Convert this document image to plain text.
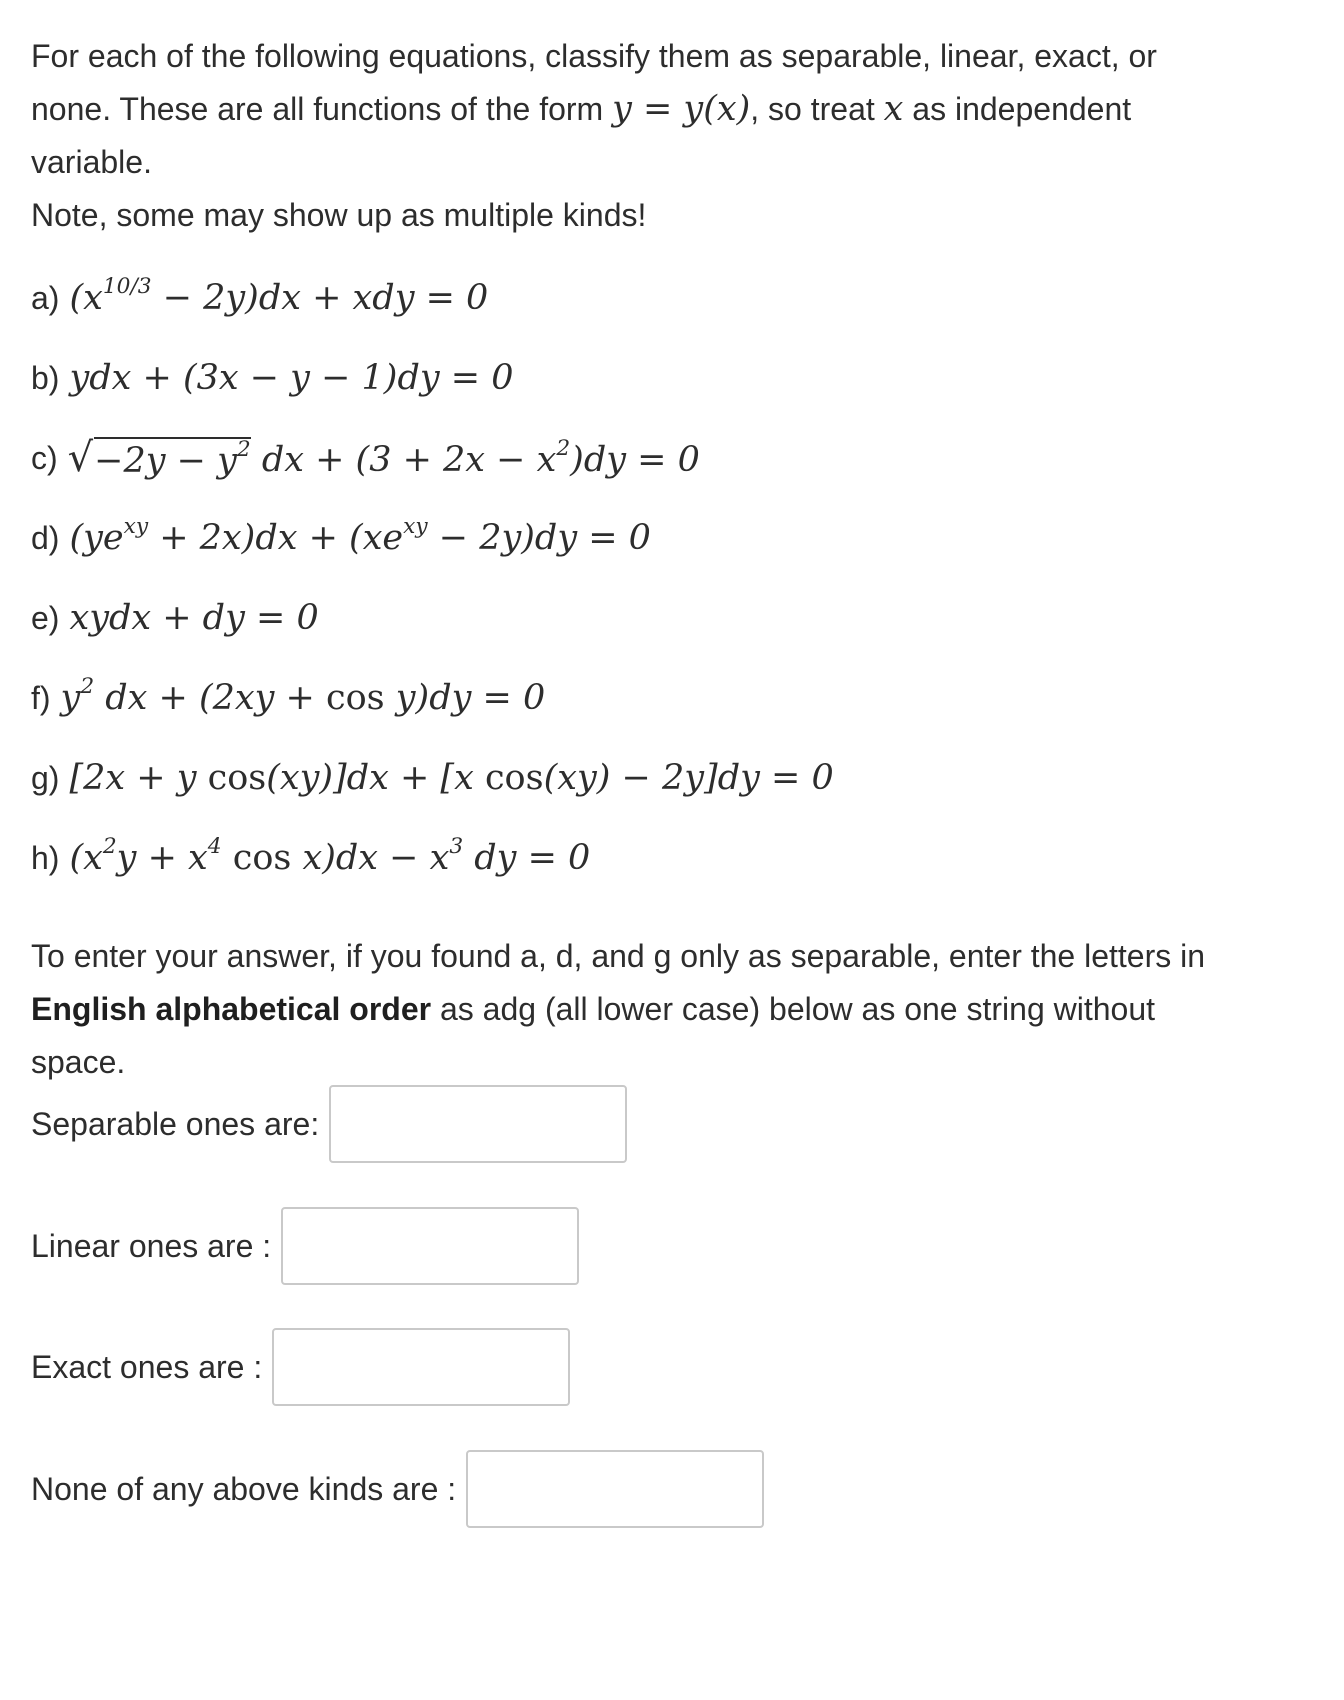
For each of the following equations, classify them as separable, linear, exact, or

none. These are all functions of the form y = y(x), so treat x as independent

variable.

Note, some may show up as multiple kinds!

a) $(x^{10/3} - 2y)dx$ + xdy = 0
b) ydx + (3x − y − 1)dy = 0
c) √ $-2y - y^2$ dx + $(3 + 2x - x^2)dy = 0$
d) $(ye^{xy} + 2x)dx + (xe^{xy} - 2y)dy = 0$
e) xydx + dy = 0
f) $y^2$ dx + (2xy + cos y)dy = 0
g) [2x + y cos(xy)]dx + [x cos(xy) − 2y]dy = 0
h) ($x^2y + x^4$ $\cos x)dx - x^3$ dy = 0

To enter your answer, if you found a, d, and g only as separable, enter the letters in
English alphabetical order as adg (all lower case) below as one string without
space.

Separable ones are:
Linear ones are :
Exact ones are :
None of any above kinds are :
